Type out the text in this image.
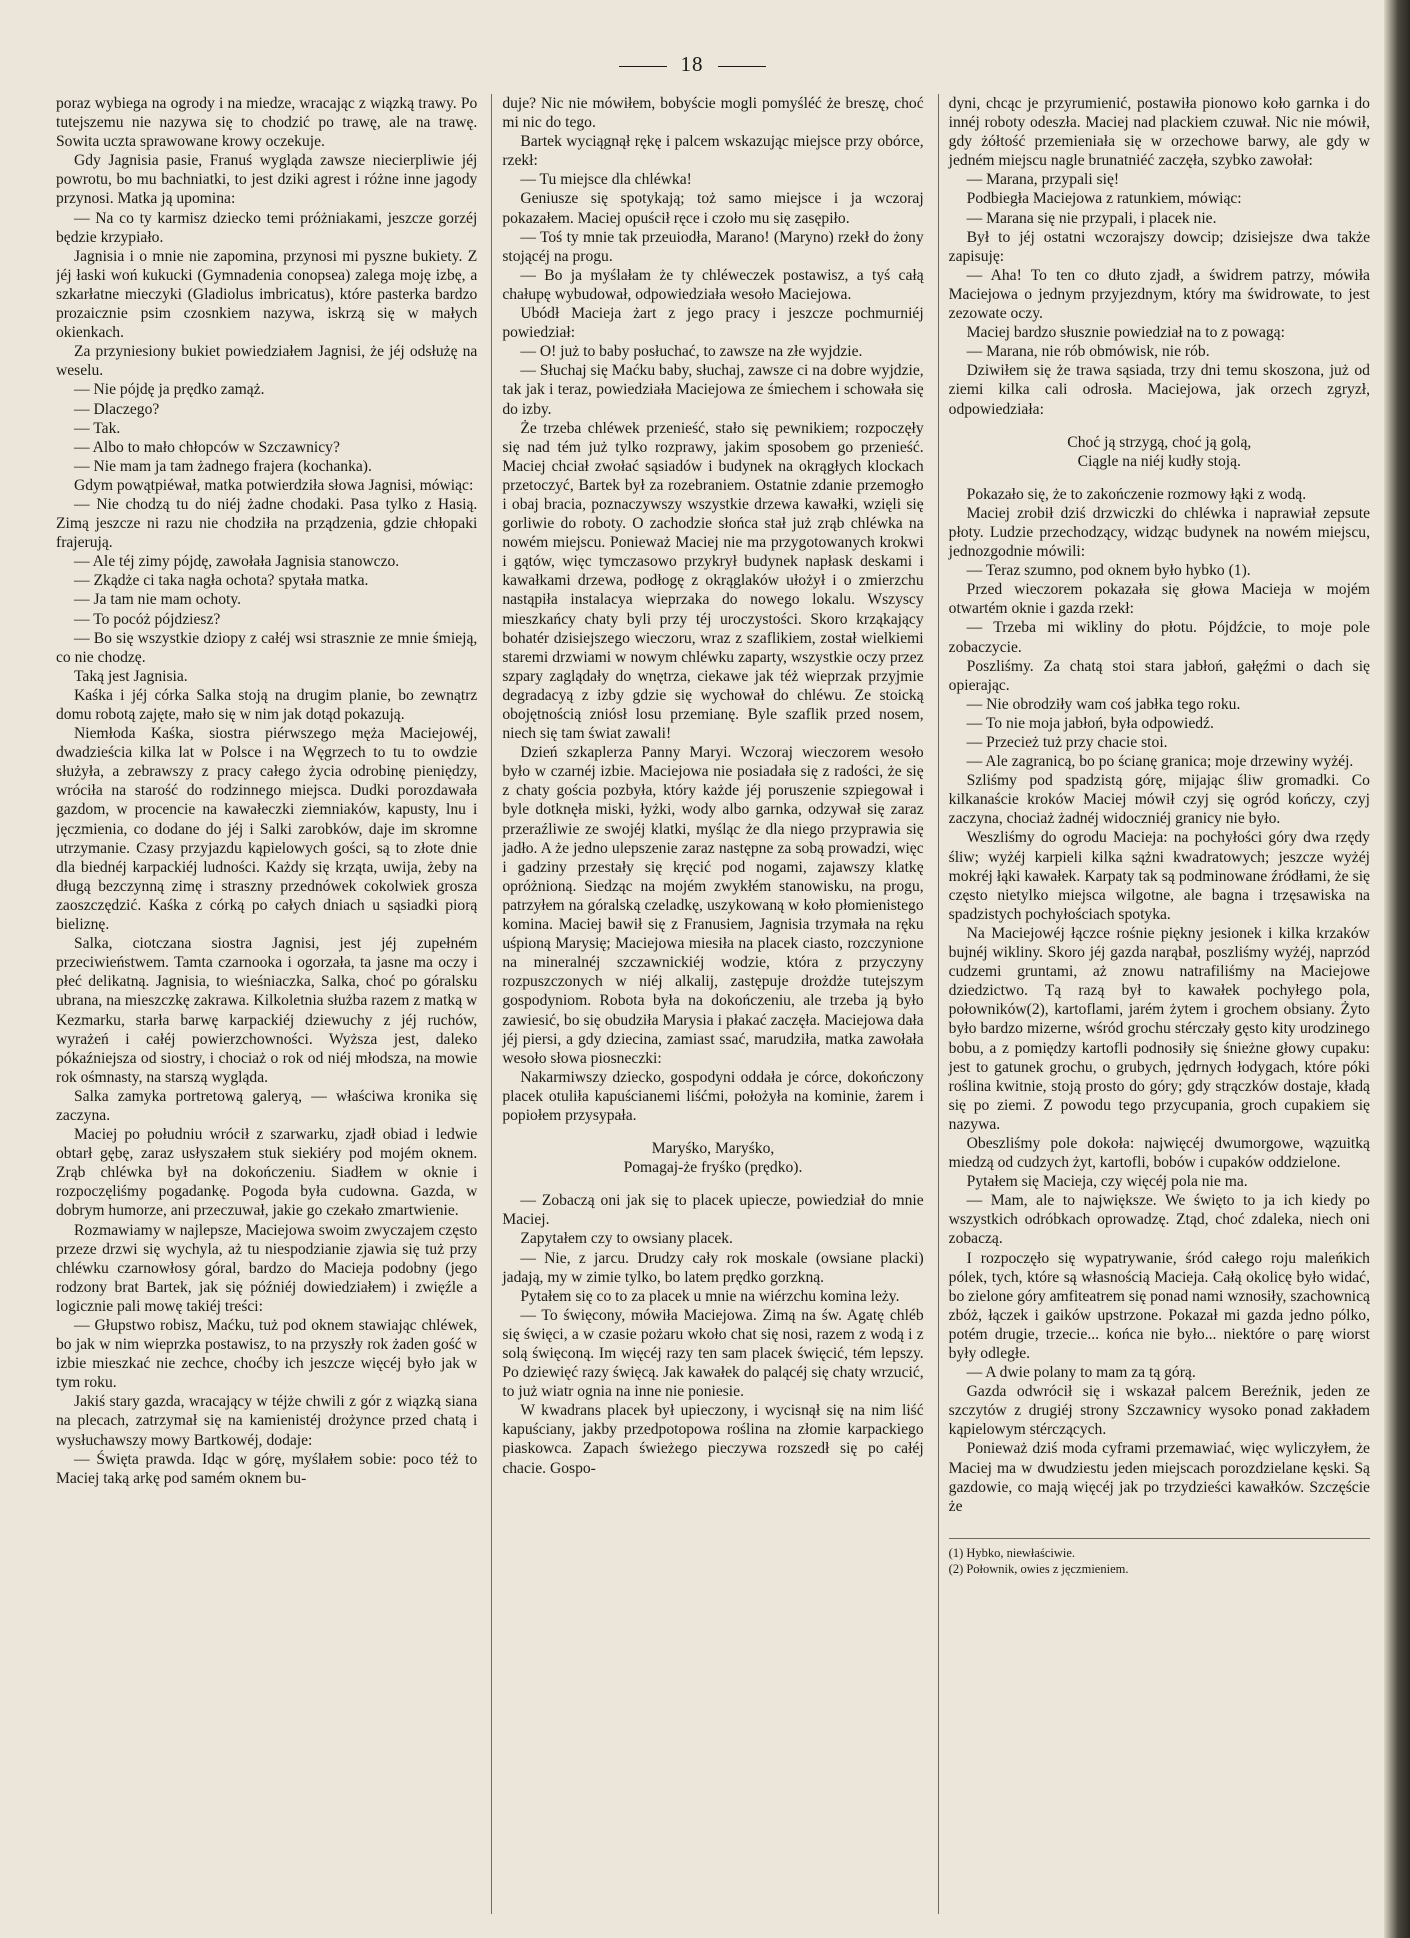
18

poraz wybiega na ogrody i na miedze, wracając z wiązką trawy. Po tutejszemu nie nazywa się to chodzić po trawę, ale na trawę. Sowita uczta sprawowane krowy oczekuje.

Gdy Jagnisia pasie, Franuś wygląda zawsze niecierpliwie jéj powrotu, bo mu bachniatki, to jest dziki agrest i różne inne jagody przynosi. Matka ją upomina:

— Na co ty karmisz dziecko temi próżniakami, jeszcze gorzéj będzie krzypiało.

Jagnisia i o mnie nie zapomina, przynosi mi pyszne bukiety. Z jéj łaski woń kukucki (Gymnadenia conopsea) zalega moję izbę, a szkarłatne mieczyki (Gladiolus imbricatus), które pasterka bardzo prozaicznie psim czosnkiem nazywa, iskrzą się w małych okienkach.

Za przyniesiony bukiet powiedziałem Jagnisi, że jéj odsłużę na weselu.

— Nie pójdę ja prędko zamąż.

— Dlaczego?

— Tak.

— Albo to mało chłopców w Szczawnicy?

— Nie mam ja tam żadnego frajera (kochanka).

Gdym powątpiéwał, matka potwierdziła słowa Jagnisi, mówiąc:

— Nie chodzą tu do niéj żadne chodaki. Pasa tylko z Hasią. Zimą jeszcze ni razu nie chodziła na prządzenia, gdzie chłopaki frajerują.

— Ale téj zimy pójdę, zawołała Jagnisia stanowczo.

— Zkądże ci taka nagła ochota? spytała matka.

— Ja tam nie mam ochoty.

— To pocóż pójdziesz?

— Bo się wszystkie dziopy z całéj wsi strasznie ze mnie śmieją, co nie chodzę.

Taką jest Jagnisia.

Kaśka i jéj córka Salka stoją na drugim planie, bo zewnątrz domu robotą zajęte, mało się w nim jak dotąd pokazują.

Niemłoda Kaśka, siostra piérwszego męża Maciejowéj, dwadzieścia kilka lat w Polsce i na Węgrzech to tu to owdzie służyła, a zebrawszy z pracy całego życia odrobinę pieniędzy, wróciła na starość do rodzinnego miejsca. Dudki porozdawała gazdom, w procencie na kawałeczki ziemniaków, kapusty, lnu i jęczmienia, co dodane do jéj i Salki zarobków, daje im skromne utrzymanie. Czasy przyjazdu kąpielowych gości, są to złote dnie dla biednéj karpackiéj ludności. Każdy się krząta, uwija, żeby na długą bezczynną zimę i straszny przednówek cokolwiek grosza zaoszczędzić. Kaśka z córką po całych dniach u sąsiadki piorą bieliznę.

Salka, ciotczana siostra Jagnisi, jest jéj zupełném przeciwieństwem. Tamta czarnooka i ogorzała, ta jasne ma oczy i płeć delikatną. Jagnisia, to wieśniaczka, Salka, choć po góralsku ubrana, na mieszczkę zakrawa. Kilkoletnia służba razem z matką w Kezmarku, starła barwę karpackiéj dziewuchy z jéj ruchów, wyrażeń i całéj powierzchowności. Wyższa jest, daleko pókaźniejsza od siostry, i chociaż o rok od niéj młodsza, na mowie rok ośmnasty, na starszą wygląda.

Salka zamyka portretową galeryą, — właściwa kronika się zaczyna.

Maciej po południu wrócił z szarwarku, zjadł obiad i ledwie obtarł gębę, zaraz usłyszałem stuk siekiéry pod mojém oknem. Zrąb chléwka był na dokończeniu. Siadłem w oknie i rozpoczęliśmy pogadankę. Pogoda była cudowna. Gazda, w dobrym humorze, ani przeczuwał, jakie go czekało zmartwienie.

Rozmawiamy w najlepsze, Maciejowa swoim zwyczajem często przeze drzwi się wychyla, aż tu niespodzianie zjawia się tuż przy chléwku czarnowłosy góral, bardzo do Macieja podobny (jego rodzony brat Bartek, jak się późniéj dowiedziałem) i zwięźle a logicznie pali mowę takiéj treści:

— Głupstwo robisz, Maćku, tuż pod oknem stawiając chléwek, bo jak w nim wieprzka postawisz, to na przyszły rok żaden gość w izbie mieszkać nie zechce, choćby ich jeszcze więcéj było jak w tym roku.

Jakiś stary gazda, wracający w téjże chwili z gór z wiązką siana na plecach, zatrzymał się na kamienistéj drożynce przed chatą i wysłuchawszy mowy Bartkowéj, dodaje:

— Święta prawda. Idąc w górę, myślałem sobie: poco téż to Maciej taką arkę pod samém oknem bu-

duje? Nic nie mówiłem, bobyście mogli pomyśléć że breszę, choć mi nic do tego.

Bartek wyciągnął rękę i palcem wskazując miejsce przy obórce, rzekł:

— Tu miejsce dla chléwka!

Geniusze się spotykają; toż samo miejsce i ja wczoraj pokazałem. Maciej opuścił ręce i czoło mu się zasępiło.

— Toś ty mnie tak przeuiodła, Marano! (Maryno) rzekł do żony stojącéj na progu.

— Bo ja myślałam że ty chléweczek postawisz, a tyś całą chałupę wybudował, odpowiedziała wesoło Maciejowa.

Ubódł Macieja żart z jego pracy i jeszcze pochmurniéj powiedział:

— O! już to baby posłuchać, to zawsze na złe wyjdzie.

— Słuchaj się Maćku baby, słuchaj, zawsze ci na dobre wyjdzie, tak jak i teraz, powiedziała Maciejowa ze śmiechem i schowała się do izby.

Że trzeba chléwek przenieść, stało się pewnikiem; rozpoczęły się nad tém już tylko rozprawy, jakim sposobem go przenieść. Maciej chciał zwołać sąsiadów i budynek na okrągłych klockach przetoczyć, Bartek był za rozebraniem. Ostatnie zdanie przemogło i obaj bracia, poznaczywszy wszystkie drzewa kawałki, wzięli się gorliwie do roboty. O zachodzie słońca stał już zrąb chléwka na nowém miejscu. Ponieważ Maciej nie ma przygotowanych krokwi i gątów, więc tymczasowo przykrył budynek napłask deskami i kawałkami drzewa, podłogę z okrąglaków ułożył i o zmierzchu nastąpiła instalacya wieprzaka do nowego lokalu. Wszyscy mieszkańcy chaty byli przy téj uroczystości. Skoro krząkający bohatér dzisiejszego wieczoru, wraz z szaflikiem, został wielkiemi staremi drzwiami w nowym chléwku zaparty, wszystkie oczy przez szpary zaglądały do wnętrza, ciekawe jak téż wieprzak przyjmie degradacyą z izby gdzie się wychował do chléwu. Ze stoicką obojętnością zniósł losu przemianę. Byle szaflik przed nosem, niech się tam świat zawali!

Dzień szkaplerza Panny Maryi. Wczoraj wieczorem wesoło było w czarnéj izbie. Maciejowa nie posiadała się z radości, że się z chaty gościa pozbyła, który każde jéj poruszenie szpiegował i byle dotknęła miski, łyżki, wody albo garnka, odzywał się zaraz przeraźliwie ze swojéj klatki, myśląc że dla niego przyprawia się jadło. A że jedno ulepszenie zaraz następne za sobą prowadzi, więc i gadziny przestały się kręcić pod nogami, zajawszy klatkę opróżnioną. Siedząc na mojém zwykłém stanowisku, na progu, patrzyłem na góralską czeladkę, uszykowaną w koło płomienistego komina. Maciej bawił się z Franusiem, Jagnisia trzymała na ręku uśpioną Marysię; Maciejowa miesiła na placek ciasto, rozczynione na mineralnéj szczawnickiéj wodzie, która z przyczyny rozpuszczonych w niéj alkalij, zastępuje drożdże tutejszym gospodyniom. Robota była na dokończeniu, ale trzeba ją było zawiesić, bo się obudziła Marysia i płakać zaczęła. Maciejowa dała jéj piersi, a gdy dziecina, zamiast ssać, marudziła, matka zawołała wesoło słowa piosneczki:

Nakarmiwszy dziecko, gospodyni oddała je córce, dokończony placek otuliła kapuścianemi liśćmi, położyła na kominie, żarem i popiołem przysypała.

Maryśko, Maryśko,
Pomagaj-że fryśko (prędko).

— Zobaczą oni jak się to placek upiecze, powiedział do mnie Maciej.

Zapytałem czy to owsiany placek.

— Nie, z jarcu. Drudzy cały rok moskale (owsiane placki) jadają, my w zimie tylko, bo latem prędko gorzkną.

Pytałem się co to za placek u mnie na wiérzchu komina leży.

— To święcony, mówiła Maciejowa. Zimą na św. Agatę chléb się święci, a w czasie pożaru wkoło chat się nosi, razem z wodą i z solą święconą. Im więcéj razy ten sam placek święcić, tém lepszy. Po dziewięć razy święcą. Jak kawałek do palącéj się chaty wrzucić, to już wiatr ognia na inne nie poniesie.

W kwadrans placek był upieczony, i wycisnął się na nim liść kapuściany, jakby przedpotopowa roślina na złomie karpackiego piaskowca. Zapach świeżego pieczywa rozszedł się po całéj chacie. Gospo-

dyni, chcąc je przyrumienić, postawiła pionowo koło garnka i do innéj roboty odeszła. Maciej nad plackiem czuwał. Nic nie mówił, gdy żółtość przemieniała się w orzechowe barwy, ale gdy w jedném miejscu nagle brunatniéć zaczęła, szybko zawołał:

— Marana, przypali się!

Podbiegła Maciejowa z ratunkiem, mówiąc:

— Marana się nie przypali, i placek nie.

Był to jéj ostatni wczorajszy dowcip; dzisiejsze dwa także zapisuję:

— Aha! To ten co dłuto zjadł, a świdrem patrzy, mówiła Maciejowa o jednym przyjezdnym, który ma świdrowate, to jest zezowate oczy.

Maciej bardzo słusznie powiedział na to z powagą:

— Marana, nie rób obmówisk, nie rób.

Dziwiłem się że trawa sąsiada, trzy dni temu skoszona, już od ziemi kilka cali odrosła. Maciejowa, jak orzech zgryzł, odpowiedziała:

Choć ją strzygą, choć ją golą,
Ciągle na niéj kudły stoją.

Pokazało się, że to zakończenie rozmowy łąki z wodą.

Maciej zrobił dziś drzwiczki do chléwka i naprawiał zepsute płoty. Ludzie przechodzący, widząc budynek na nowém miejscu, jednozgodnie mówili:

— Teraz szumno, pod oknem było hybko (1).

Przed wieczorem pokazała się głowa Macieja w mojém otwartém oknie i gazda rzekł:

— Trzeba mi wikliny do płotu. Pójdźcie, to moje pole zobaczycie.

Poszliśmy. Za chatą stoi stara jabłoń, gałęźmi o dach się opierając.

— Nie obrodziły wam coś jabłka tego roku.

— To nie moja jabłoń, była odpowiedź.

— Przecież tuż przy chacie stoi.

— Ale zagranicą, bo po ścianę granica; moje drzewiny wyżéj.

Szliśmy pod spadzistą górę, mijając śliw gromadki. Co kilkanaście kroków Maciej mówił czyj się ogród kończy, czyj zaczyna, chociaż żadnéj widoczniéj granicy nie było.

Weszliśmy do ogrodu Macieja: na pochyłości góry dwa rzędy śliw; wyżéj karpieli kilka sążni kwadratowych; jeszcze wyżéj mokréj łąki kawałek. Karpaty tak są podminowane źródłami, że się często nietylko miejsca wilgotne, ale bagna i trzęsawiska na spadzistych pochyłościach spotyka.

Na Maciejowéj łączce rośnie piękny jesionek i kilka krzaków bujnéj wikliny. Skoro jéj gazda narąbał, poszliśmy wyżéj, naprzód cudzemi gruntami, aż znowu natrafiliśmy na Maciejowe dziedzictwo. Tą razą był to kawałek pochyłego pola, połowników(2), kartoflami, jarém żytem i grochem obsiany. Żyto było bardzo mizerne, wśród grochu stérczały gęsto kity urodzinego bobu, a z pomiędzy kartofli podnosiły się śnieżne głowy cupaku: jest to gatunek grochu, o grubych, jędrnych łodygach, które póki roślina kwitnie, stoją prosto do góry; gdy strączków dostaje, kładą się po ziemi. Z powodu tego przycupania, groch cupakiem się nazywa.

Obeszliśmy pole dokoła: najwięcéj dwumorgowe, wązuitką miedzą od cudzych żyt, kartofli, bobów i cupaków oddzielone.

Pytałem się Macieja, czy więcéj pola nie ma.

— Mam, ale to największe. We święto to ja ich kiedy po wszystkich odróbkach oprowadzę. Ztąd, choć zdaleka, niech oni zobaczą.

I rozpoczęło się wypatrywanie, śród całego roju maleńkich pólek, tych, które są własnością Macieja. Całą okolicę było widać, bo zielone góry amfiteatrem się ponad nami wznosiły, szachownicą zbóż, łączek i gaików upstrzone. Pokazał mi gazda jedno pólko, potém drugie, trzecie... końca nie było... niektóre o parę wiorst były odległe.

— A dwie polany to mam za tą górą.

Gazda odwrócił się i wskazał palcem Bereźnik, jeden ze szczytów z drugiéj strony Szczawnicy wysoko ponad zakładem kąpielowym stérczących.

Ponieważ dziś moda cyframi przemawiać, więc wyliczyłem, że Maciej ma w dwudziestu jeden miejscach porozdzielane kęski. Są gazdowie, co mają więcéj jak po trzydzieści kawałków. Szczęście że

(1) Hybko, niewłaściwie.
(2) Połownik, owies z jęczmieniem.
